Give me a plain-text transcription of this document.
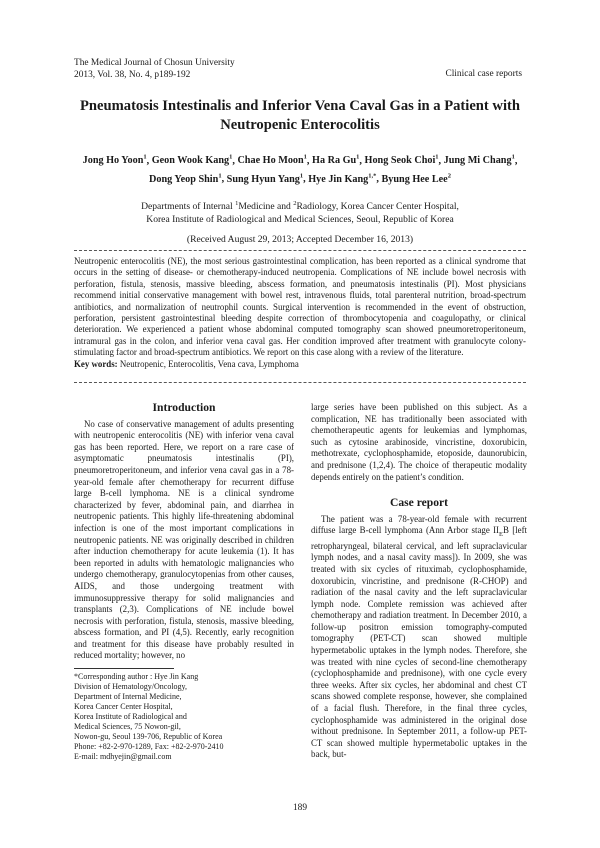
The Medical Journal of Chosun University
2013, Vol. 38, No. 4, p189-192	Clinical case reports
Pneumatosis Intestinalis and Inferior Vena Caval Gas in a Patient with
Neutropenic Enterocolitis
Jong Ho Yoon$^1$, Geon Wook Kang$^1$, Chae Ho Moon$^1$, Ha Ra Gu$^1$, Hong Seok Choi$^1$, Jung Mi Chang$^1$,
Dong Yeop Shin$^1$, Sung Hyun Yang$^1$, Hye Jin Kang$^{1,*}$, Byung Hee Lee$^2$
Departments of Internal $^1$Medicine and $^2$Radiology, Korea Cancer Center Hospital,
Korea Institute of Radiological and Medical Sciences, Seoul, Republic of Korea
(Received August 29, 2013; Accepted December 16, 2013)

Neutropenic enterocolitis (NE), the most serious gastrointestinal complication, has been reported as a clinical syndrome that occurs in the setting of disease- or chemotherapy-induced neutropenia. Complications of NE include bowel necrosis with perforation, fistula, stenosis, massive bleeding, abscess formation, and pneumatosis intestinalis (PI). Most physicians recommend initial conservative management with bowel rest, intravenous fluids, total parenteral nutrition, broad-spectrum antibiotics, and normalization of neutrophil counts. Surgical intervention is recommended in the event of obstruction, perforation, persistent gastrointestinal bleeding despite correction of thrombocytopenia and coagulopathy, or clinical deterioration. We experienced a patient whose abdominal computed tomography scan showed pneumoretroperitoneum, intramural gas in the colon, and inferior vena caval gas. Her condition improved after treatment with granulocyte colony-stimulating factor and broad-spectrum antibiotics. We report on this case along with a review of the literature.

Key words: Neutropenic, Enterocolitis, Vena cava, Lymphoma

Introduction

No case of conservative management of adults presenting with neutropenic enterocolitis (NE) with inferior vena caval gas has been reported. Here, we report on a rare case of asymptomatic pneumatosis intestinalis (PI), pneumoretroperitoneum, and inferior vena caval gas in a 78-year-old female after chemotherapy for recurrent diffuse large B-cell lymphoma. NE is a clinical syndrome characterized by fever, abdominal pain, and diarrhea in neutropenic patients. This highly life-threatening abdominal infection is one of the most important complications in neutropenic patients. NE was originally described in children after induction chemotherapy for acute leukemia (1). It has been reported in adults with hematologic malignancies who undergo chemotherapy, granulocytopenias from other causes, AIDS, and those undergoing treatment with immunosuppressive therapy for solid malignancies and transplants (2,3). Complications of NE include bowel necrosis with perforation, fistula, stenosis, massive bleeding, abscess formation, and PI (4,5). Recently, early recognition and treatment for this disease have probably resulted in reduced mortality; however, no

large series have been published on this subject. As a complication, NE has traditionally been associated with chemotherapeutic agents for leukemias and lymphomas, such as cytosine arabinoside, vincristine, doxorubicin, methotrexate, cyclophosphamide, etoposide, daunorubicin, and prednisone (1,2,4). The choice of therapeutic modality depends entirely on the patient’s condition.

Case report

The patient was a 78-year-old female with recurrent diffuse large B-cell lymphoma (Ann Arbor stage $II_EB$ [left retropharyngeal, bilateral cervical, and left supraclavicular lymph nodes, and a nasal cavity mass]). In 2009, she was treated with six cycles of rituximab, cyclophosphamide, doxorubicin, vincristine, and prednisone (R-CHOP) and radiation of the nasal cavity and the left supraclavicular lymph node. Complete remission was achieved after chemotherapy and radiation treatment. In December 2010, a follow-up positron emission tomography-computed tomography (PET-CT) scan showed multiple hypermetabolic uptakes in the lymph nodes. Therefore, she was treated with nine cycles of second-line chemotherapy (cyclophosphamide and prednisone), with one cycle every three weeks. After six cycles, her abdominal and chest CT scans showed complete response, however, she complained of a facial flush. Therefore, in the final three cycles, cyclophosphamide was administered in the original dose without prednisone. In September 2011, a follow-up PET-CT scan showed multiple hypermetabolic uptakes in the back, but-

*Corresponding author : Hye Jin Kang
Division of Hematology/Oncology,
Department of Internal Medicine,
Korea Cancer Center Hospital,
Korea Institute of Radiological and
Medical Sciences, 75 Nowon-gil,
Nowon-gu, Seoul 139-706, Republic of Korea
Phone: +82-2-970-1289, Fax: +82-2-970-2410
E-mail: mdhyejin@gmail.com
189
